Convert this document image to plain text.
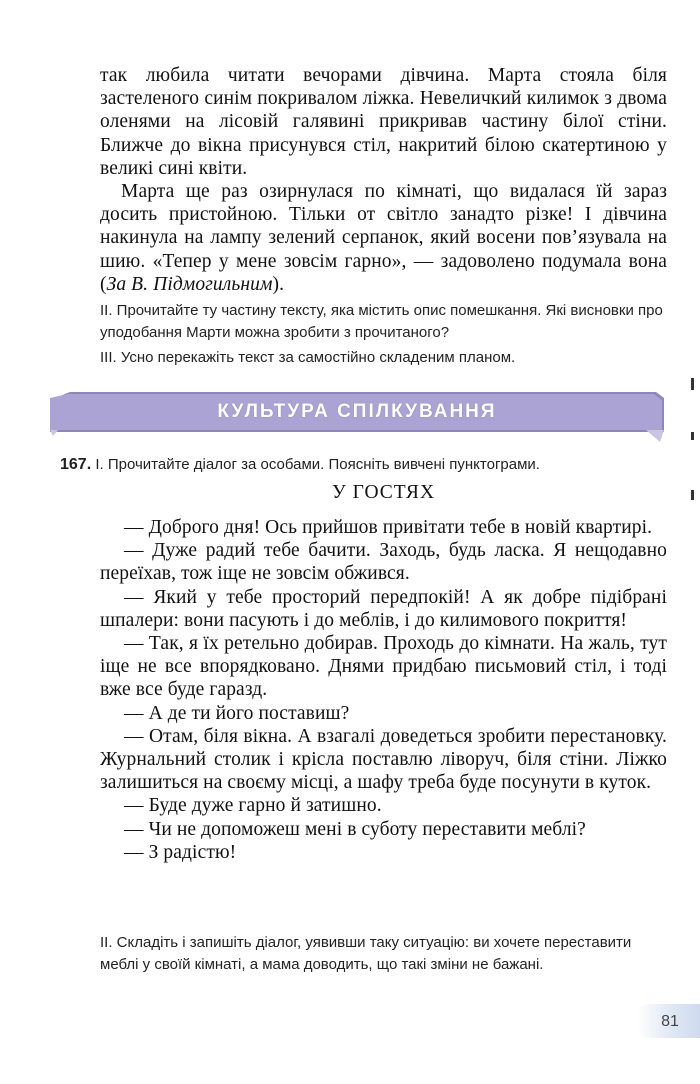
так любила читати вечорами дівчина. Марта стояла біля застеленого синім покривалом ліжка. Невеличкий килимок з двома оленями на лісовій галявині прикривав частину білої стіни. Ближче до вікна присунувся стіл, накритий білою скатертиною у великі сині квіти.

Марта ще раз озирнулася по кімнаті, що видалася їй зараз досить пристойною. Тільки от світло занадто різке! І дівчина накинула на лампу зелений серпанок, який восени пов’язувала на шию. «Тепер у мене зовсім гарно», — задоволено подумала вона (За В. Підмогильним).

ІІ. Прочитайте ту частину тексту, яка містить опис помешкання. Які висновки про уподобання Марти можна зробити з прочитаного?

ІІІ. Усно перекажіть текст за самостійно складеним планом.

КУЛЬТУРА СПІЛКУВАННЯ
167. І. Прочитайте діалог за особами. Поясніть вивчені пунктограми.
У ГОСТЯХ

— Доброго дня! Ось прийшов привітати тебе в новій квартирі.

— Дуже радий тебе бачити. Заходь, будь ласка. Я нещодавно переїхав, тож іще не зовсім обжився.

— Який у тебе просторий передпокій! А як добре підібрані шпалери: вони пасують і до меблів, і до килимового покриття!

— Так, я їх ретельно добирав. Проходь до кімнати. На жаль, тут іще не все впорядковано. Днями придбаю письмовий стіл, і тоді вже все буде гаразд.

— А де ти його поставиш?

— Отам, біля вікна. А взагалі доведеться зробити перестановку. Журнальний столик і крісла поставлю ліворуч, біля стіни. Ліжко залишиться на своєму місці, а шафу треба буде посунути в куток.

— Буде дуже гарно й затишно.

— Чи не допоможеш мені в суботу переставити меблі?

— З радістю!

ІІ. Складіть і запишіть діалог, уявивши таку ситуацію: ви хочете переставити меблі у своїй кімнаті, а мама доводить, що такі зміни не бажані.

81
